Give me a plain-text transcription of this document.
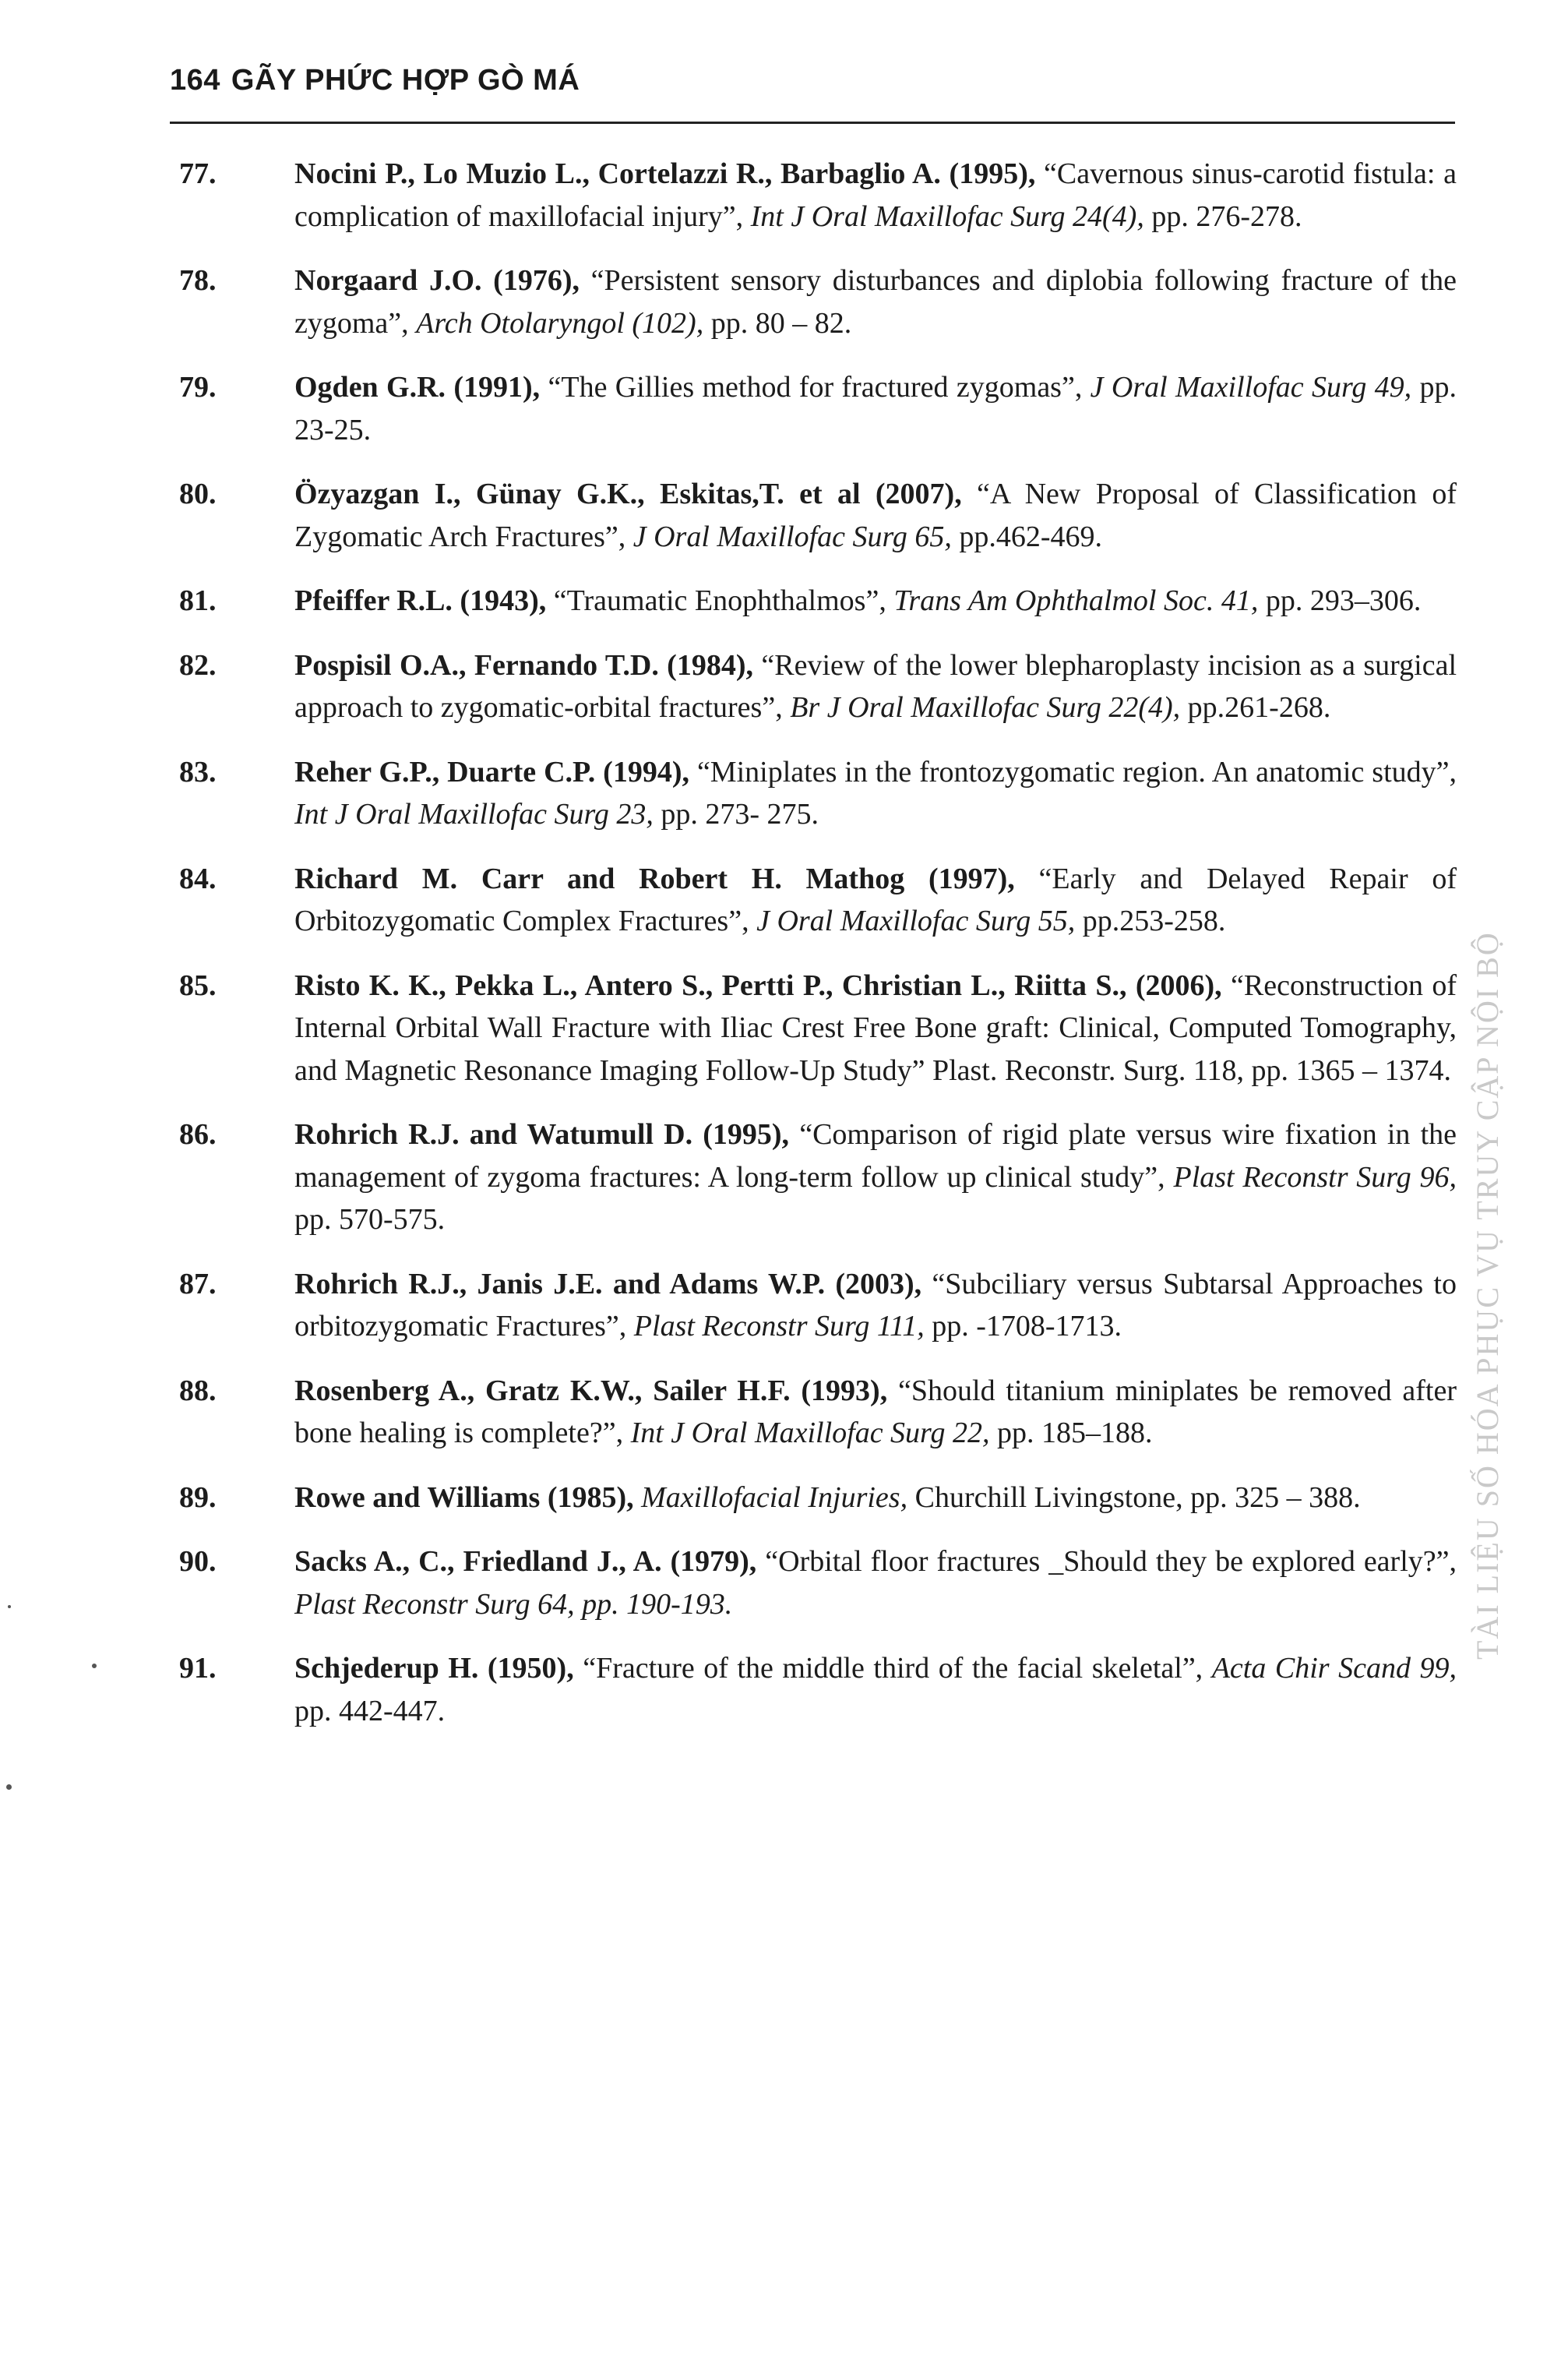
164 GÃY PHỨC HỢP GÒ MÁ
77.	Nocini P., Lo Muzio L., Cortelazzi R., Barbaglio A. (1995), “Cavernous sinus-carotid fistula: a complication of maxillofacial injury”, Int J Oral Maxillofac Surg 24(4), pp. 276-278.
78.	Norgaard J.O. (1976), “Persistent sensory disturbances and diplobia following fracture of the zygoma”, Arch Otolaryngol (102), pp. 80 – 82.
79.	Ogden G.R. (1991), “The Gillies method for fractured zygomas”, J Oral Maxillofac Surg 49, pp. 23-25.
80.	Özyazgan I., Günay G.K., Eskitas,T. et al (2007), “A New Proposal of Classification of Zygomatic Arch Fractures”, J Oral Maxillofac Surg 65, pp.462-469.
81.	Pfeiffer R.L. (1943), “Traumatic Enophthalmos”, Trans Am Ophthalmol Soc. 41, pp. 293–306.
82.	Pospisil O.A., Fernando T.D. (1984), “Review of the lower blepharoplasty incision as a surgical approach to zygomatic-orbital fractures”, Br J Oral Maxillofac Surg 22(4), pp.261-268.
83.	Reher G.P., Duarte C.P. (1994), “Miniplates in the frontozygomatic region. An anatomic study”, Int J Oral Maxillofac Surg 23, pp. 273- 275.
84.	Richard M. Carr and Robert H. Mathog (1997), “Early and Delayed Repair of Orbitozygomatic Complex Fractures”, J Oral Maxillofac Surg 55, pp.253-258.
85.	Risto K. K., Pekka L., Antero S., Pertti P., Christian L., Riitta S., (2006), “Reconstruction of Internal Orbital Wall Fracture with Iliac Crest Free Bone graft: Clinical, Computed Tomography, and Magnetic Resonance Imaging Follow-Up Study” Plast. Reconstr. Surg. 118, pp. 1365 – 1374.
86.	Rohrich R.J. and Watumull D. (1995), “Comparison of rigid plate versus wire fixation in the management of zygoma fractures: A long-term follow up clinical study”, Plast Reconstr Surg 96, pp. 570-575.
87.	Rohrich R.J., Janis J.E. and Adams W.P. (2003), “Subciliary versus Subtarsal Approaches to orbitozygomatic Fractures”, Plast Reconstr Surg 111, pp. -1708-1713.
88.	Rosenberg A., Gratz K.W., Sailer H.F. (1993), “Should titanium miniplates be removed after bone healing is complete?”, Int J Oral Maxillofac Surg 22, pp. 185–188.
89.	Rowe and Williams (1985), Maxillofacial Injuries, Churchill Livingstone, pp. 325 – 388.
90.	Sacks A., C., Friedland J., A. (1979), “Orbital floor fractures _Should they be explored early?”, Plast Reconstr Surg 64, pp. 190-193.
91.	Schjederup H. (1950), “Fracture of the middle third of the facial skeletal”, Acta Chir Scand 99, pp. 442-447.
TÀI LIỆU SỐ HÓA PHỤC VỤ TRUY CẬP NỘI BỘ
